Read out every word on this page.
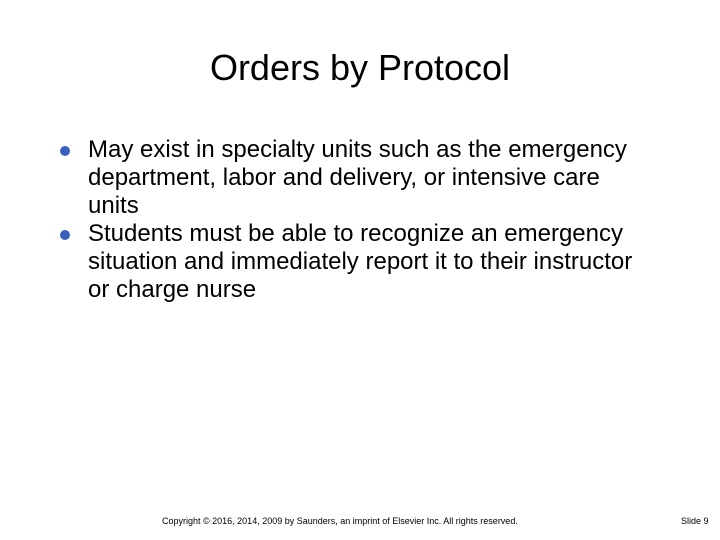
Orders by Protocol
May exist in specialty units such as the emergency department, labor and delivery, or intensive care units
Students must be able to recognize an emergency situation and immediately report it to their instructor or charge nurse
Copyright © 2016, 2014, 2009 by Saunders, an imprint of Elsevier Inc. All rights reserved.	Slide 9
